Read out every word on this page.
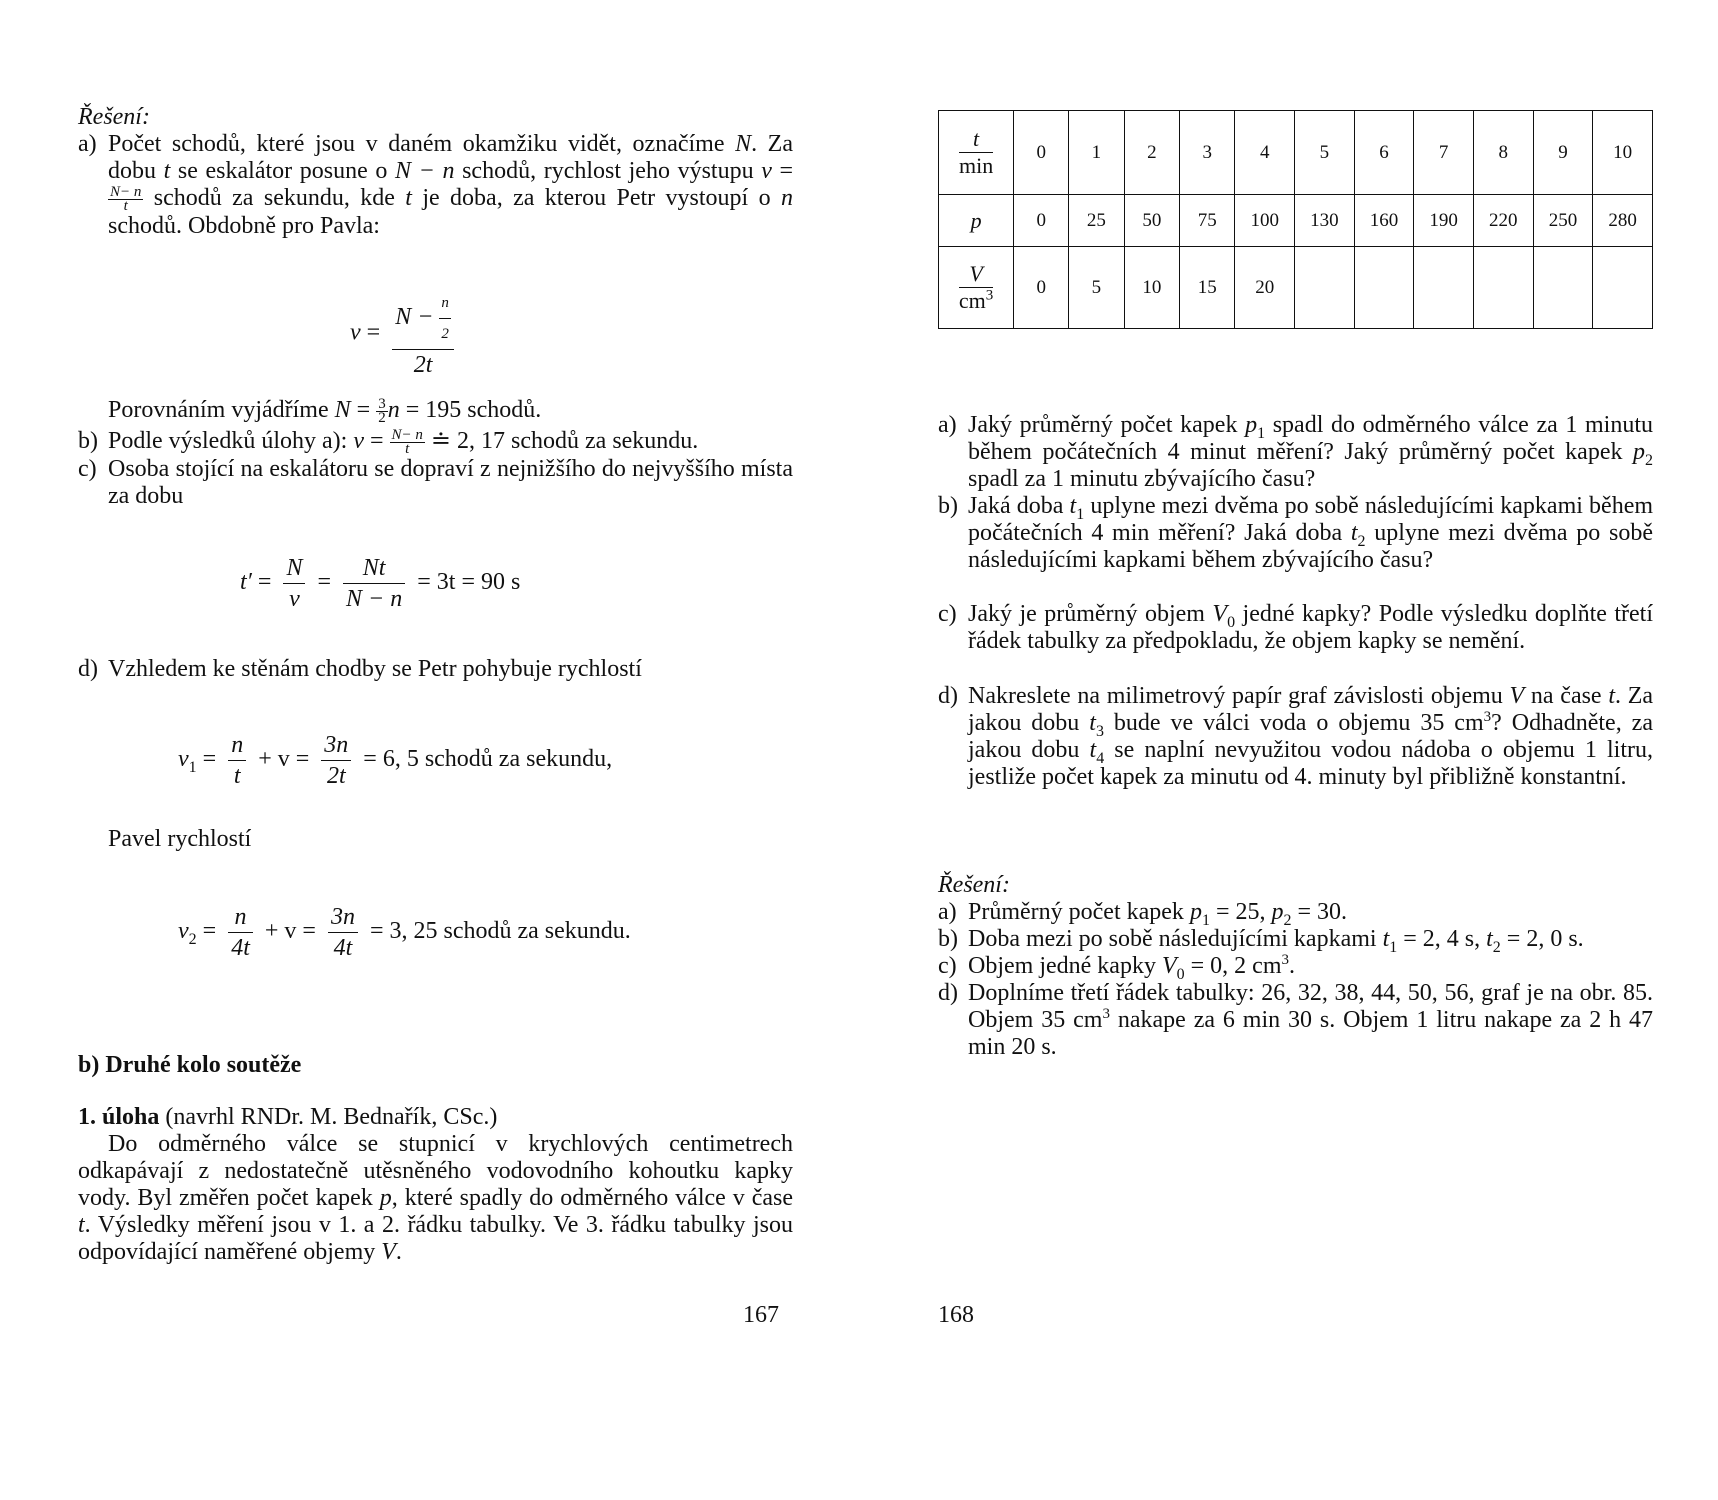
Řešení:
a) Počet schodů, které jsou v daném okamžiku vidět, označíme N. Za dobu t se eskalátor posune o N − n schodů, rychlost jeho výstupu v =
$\frac{N- n}{t}$ schodů za sekundu, kde t je doba, za kterou Petr vystoupí o n schodů. Obdobně pro Pavla:
$v = \frac{N - \frac{n}{2}}{2t}$
Porovnáním vyjádříme $N = \frac{3}{2}$ n = 195 schodů.
b) Podle výsledků úlohy a): $v = \frac{N- n}{t}$ ≐ 2, 17 schodů za sekundu.
c) Osoba stojící na eskalátoru se dopraví z nejnižšího do nejvyššího místa za dobu
$t' = \frac{N}{v} = \frac{Nt}{N - n} = 3t = 90$ s
d) Vzhledem ke stěnám chodby se Petr pohybuje rychlostí
$v_1 = \frac{n}{t} + v = \frac{3n}{2t} = 6$, 5 schodů za sekundu,
Pavel rychlostí
$v_2 = \frac{n}{4t} + v = \frac{3n}{4t} = 3$, 25 schodů za sekundu.
b) Druhé kolo soutěže
1. úloha (navrhl RNDr. M. Bednařík, CSc.)
Do odměrného válce se stupnicí v krychlových centimetrech odkapávají z nedostatečně utěsněného vodovodního kohoutku kapky vody. Byl změřen počet kapek p, které spadly do odměrného válce v čase t. Výsledky měření jsou v 1. a 2. řádku tabulky. Ve 3. řádku tabulky jsou odpovídající naměřené objemy V.
167
$\frac{t}{\min}$	0	1	2	3	4	5	6	7	8	9	10
p	0	25	50	75	100	130	160	190	220	250	280

$\frac{V}{cm^3}$	0	5	10	15	20						
a) Jaký průměrný počet kapek $p_1$ spadl do odměrného válce za 1 minutu během počátečních 4 minut měření? Jaký průměrný počet kapek $p_2$ spadl za 1 minutu zbývajícího času?
b) Jaká doba $t_1$ uplyne mezi dvěma po sobě následujícími kapkami během počátečních 4 min měření? Jaká doba $t_2$ uplyne mezi dvěma po sobě následujícími kapkami během zbývajícího času?
c) Jaký je průměrný objem $V_0$ jedné kapky? Podle výsledku doplňte třetí řádek tabulky za předpokladu, že objem kapky se nemění.
d) Nakreslete na milimetrový papír graf závislosti objemu V na čase t. Za jakou dobu $t_3$ bude ve válci voda o objemu 35 $cm^3$? Odhadněte, za jakou dobu $t_4$ se naplní nevyužitou vodou nádoba o objemu 1 litru, jestliže počet kapek za minutu od 4. minuty byl přibližně konstantní.
Řešení:
a) Průměrný počet kapek $p_1 = 25$, $p_2 = 30$.
b) Doba mezi po sobě následujícími kapkami $t_1 = 2$, 4 s, $t_2 = 2$, 0 s.
c) Objem jedné kapky $V_0 = 0$, 2 $cm^3$.
d) Doplníme třetí řádek tabulky: 26, 32, 38, 44, 50, 56, graf je na obr. 85. Objem 35 $cm^3$ nakape za 6 min 30 s. Objem 1 litru nakape za 2 h 47 min 20 s.
168
